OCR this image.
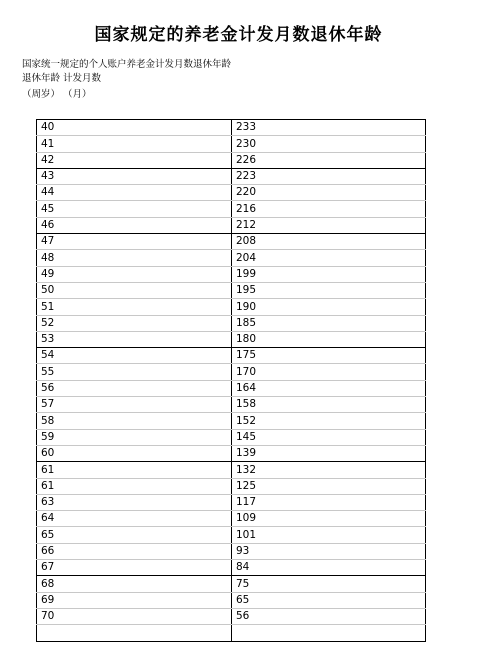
国家规定的养老金计发月数退休年龄
国家统一规定的个人账户养老金计发月数退休年龄
退休年龄 计发月数
（周岁） （月）
40	233
41	230
42	226
43	223
44	220
45	216
46	212
47	208
48	204
49	199
50	195
51	190
52	185
53	180
54	175
55	170
56	164
57	158
58	152
59	145
60	139
61	132
61	125
63	117
64	109
65	101
66	93
67	84
68	75
69	65
70	56
